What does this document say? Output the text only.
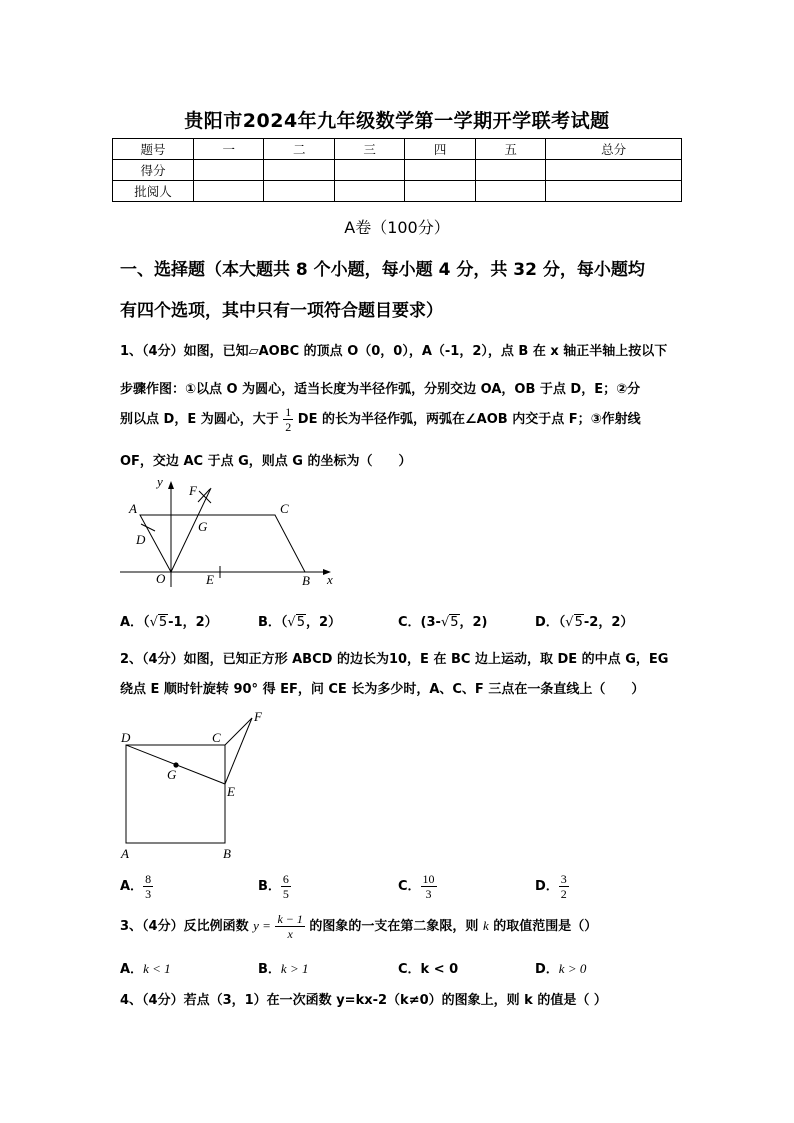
贵阳市2024年九年级数学第一学期开学联考试题
题号	一	二	三	四	五	总分
得分						
批阅人						
A卷（100分）
一、选择题（本大题共 8 个小题，每小题 4 分，共 32 分，每小题均
有四个选项，其中只有一项符合题目要求）
1、（4分）如图，已知▱AOBC 的顶点 O（0，0），A（-1，2），点 B 在 x 轴正半轴上按以下
步骤作图：①以点 O 为圆心，适当长度为半径作弧，分别交边 OA，OB 于点 D，E；②分
别以点 D，E 为圆心，大于 $\frac{1}{2}$ DE 的长为半径作弧，两弧在∠AOB 内交于点 F；③作射线
OF，交边 AC 于点 G，则点 G 的坐标为（　　）
y
x
A	C
F
G
D
O	E	B
A．（√5-1，2）	B．（√5，2）	C．(3-√5，2)	D．（√5-2，2）
2、（4分）如图，已知正方形 ABCD 的边长为10，E 在 BC 边上运动，取 DE 的中点 G，EG
绕点 E 顺时针旋转 90° 得 EF，问 CE 长为多少时，A、C、F 三点在一条直线上（　　）
D	C
F
G
E
A	B
A． $\frac{8}{3}$	B． $\frac{6}{5}$	C． $\frac{10}{3}$	D． $\frac{3}{2}$
3、（4分）反比例函数 $y = \frac{k - 1}{x}$ 的图象的一支在第二象限，则 k 的取值范围是（）
A．k < 1	B．k > 1	C．k < 0	D．k > 0
4、（4分）若点（3，1）在一次函数 y=kx-2（k≠0）的图象上，则 k 的值是（ ）
